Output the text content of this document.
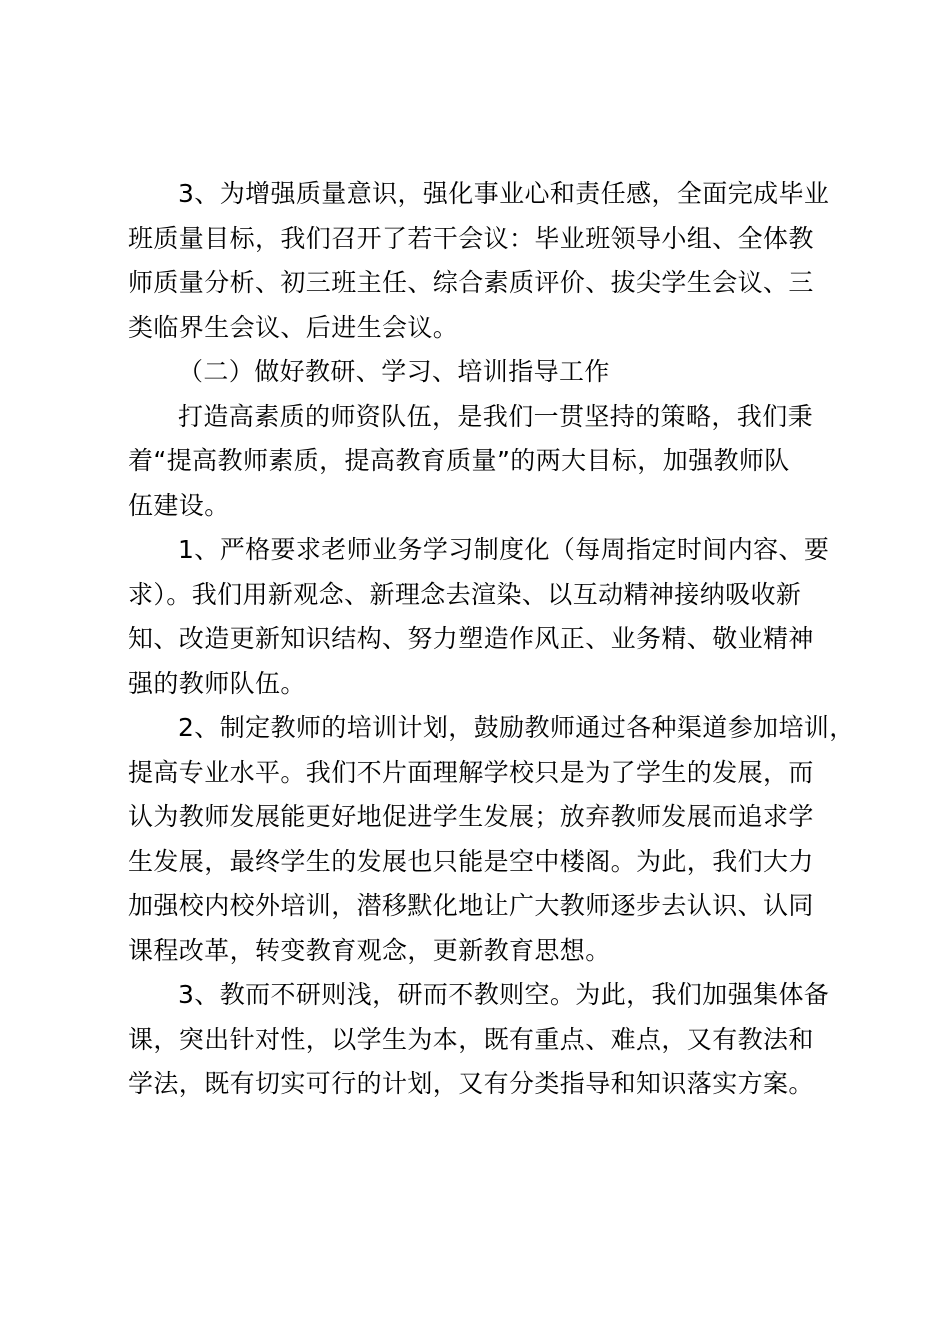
3、为增强质量意识，强化事业心和责任感，全面完成毕业
班质量目标，我们召开了若干会议：毕业班领导小组、全体教
师质量分析、初三班主任、综合素质评价、拔尖学生会议、三
类临界生会议、后进生会议。
（二）做好教研、学习、培训指导工作
打造高素质的师资队伍，是我们一贯坚持的策略，我们秉
着“提高教师素质，提高教育质量”的两大目标，加强教师队
伍建设。
1、严格要求老师业务学习制度化（每周指定时间内容、要
求）。我们用新观念、新理念去渲染、以互动精神接纳吸收新
知、改造更新知识结构、努力塑造作风正、业务精、敬业精神
强的教师队伍。
2、制定教师的培训计划，鼓励教师通过各种渠道参加培训，
提高专业水平。我们不片面理解学校只是为了学生的发展，而
认为教师发展能更好地促进学生发展；放弃教师发展而追求学
生发展，最终学生的发展也只能是空中楼阁。为此，我们大力
加强校内校外培训，潜移默化地让广大教师逐步去认识、认同
课程改革，转变教育观念，更新教育思想。
3、教而不研则浅，研而不教则空。为此，我们加强集体备
课，突出针对性，以学生为本，既有重点、难点，又有教法和
学法，既有切实可行的计划，又有分类指导和知识落实方案。
